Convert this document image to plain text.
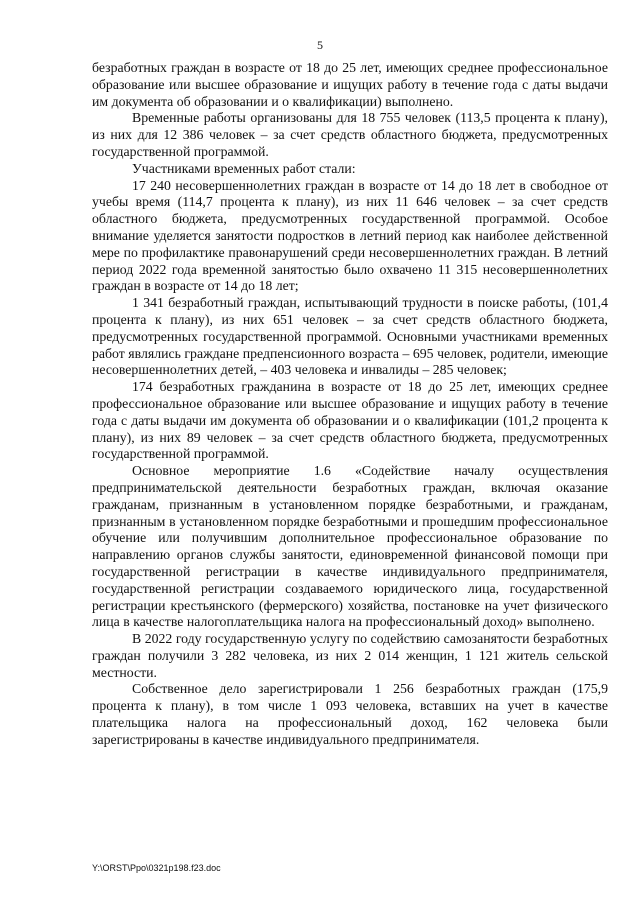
5

безработных граждан в возрасте от 18 до 25 лет, имеющих среднее профессиональное образование или высшее образование и ищущих работу в течение года с даты выдачи им документа об образовании и о квалификации) выполнено.

Временные работы организованы для 18 755 человек (113,5 процента к плану), из них для 12 386 человек – за счет средств областного бюджета, предусмотренных государственной программой.

Участниками временных работ стали:

17 240 несовершеннолетних граждан в возрасте от 14 до 18 лет в свободное от учебы время (114,7 процента к плану), из них 11 646 человек – за счет средств областного бюджета, предусмотренных государственной программой. Особое внимание уделяется занятости подростков в летний период как наиболее действенной мере по профилактике правонарушений среди несовершеннолетних граждан. В летний период 2022 года временной занятостью было охвачено 11 315 несовершеннолетних граждан в возрасте от 14 до 18 лет;

1 341 безработный граждан, испытывающий трудности в поиске работы, (101,4 процента к плану), из них 651 человек – за счет средств областного бюджета, предусмотренных государственной программой. Основными участниками временных работ являлись граждане предпенсионного возраста – 695 человек, родители, имеющие несовершеннолетних детей, – 403 человека и инвалиды – 285 человек;

174 безработных гражданина в возрасте от 18 до 25 лет, имеющих среднее профессиональное образование или высшее образование и ищущих работу в течение года с даты выдачи им документа об образовании и о квалификации (101,2 процента к плану), из них 89 человек – за счет средств областного бюджета, предусмотренных государственной программой.

Основное мероприятие 1.6 «Содействие началу осуществления предпринимательской деятельности безработных граждан, включая оказание гражданам, признанным в установленном порядке безработными, и гражданам, признанным в установленном порядке безработными и прошедшим профессиональное обучение или получившим дополнительное профессиональное образование по направлению органов службы занятости, единовременной финансовой помощи при государственной регистрации в качестве индивидуального предпринимателя, государственной регистрации создаваемого юридического лица, государственной регистрации крестьянского (фермерского) хозяйства, постановке на учет физического лица в качестве налогоплательщика налога на профессиональный доход» выполнено.

В 2022 году государственную услугу по содействию самозанятости безработных граждан получили 3 282 человека, из них 2 014 женщин, 1 121 житель сельской местности.

Собственное дело зарегистрировали 1 256 безработных граждан (175,9 процента к плану), в том числе 1 093 человека, вставших на учет в качестве плательщика налога на профессиональный доход, 162 человека были зарегистрированы в качестве индивидуального предпринимателя.

Y:\ORST\Ppo\0321p198.f23.doc
